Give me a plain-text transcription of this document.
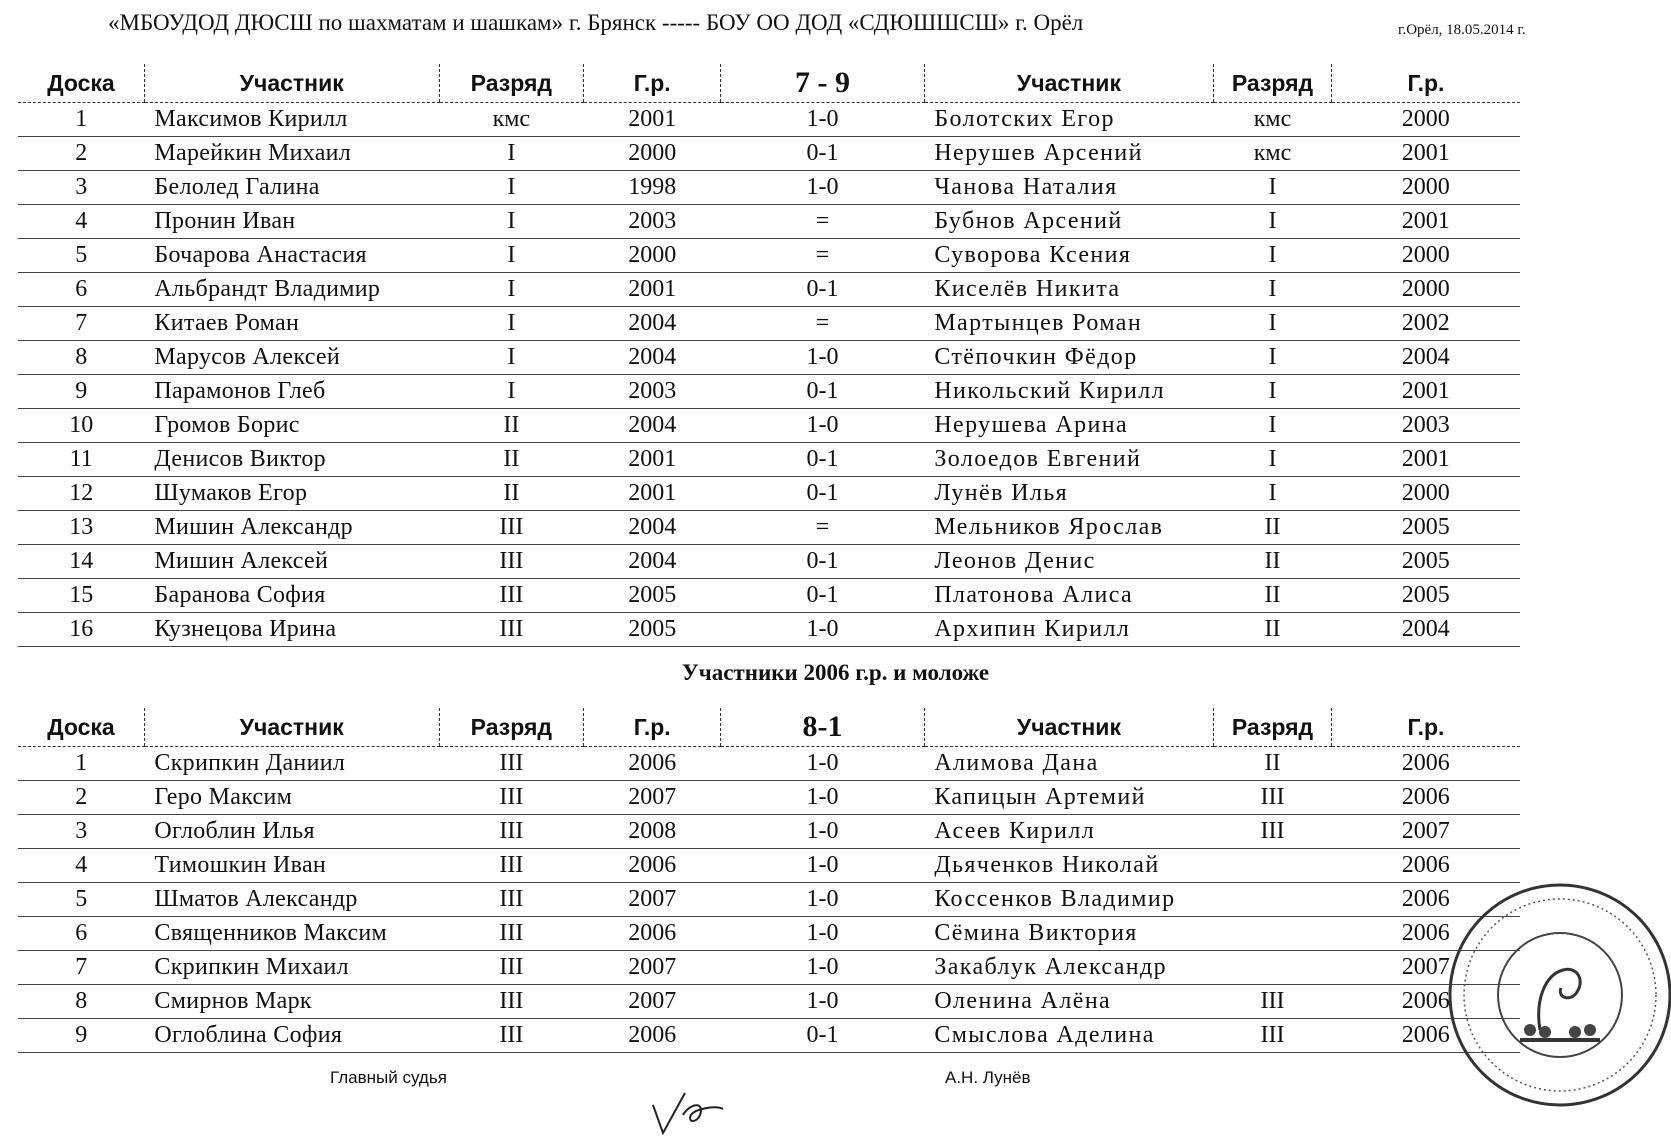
«МБОУДОД ДЮСШ по шахматам и шашкам» г. Брянск ----- БОУ ОО ДОД «СДЮШШСШ» г. Орёл	г.Орёл, 18.05.2014 г.
Доска	Участник	Разряд	Г.р.	7 - 9	Участник	Разряд	Г.р.
1	Максимов Кирилл	кмс	2001	1-0	Болотских Егор	кмс	2000
2	Марейкин Михаил	I	2000	0-1	Нерушев Арсений	кмс	2001
3	Белолед Галина	I	1998	1-0	Чанова Наталия	I	2000
4	Пронин Иван	I	2003	=	Бубнов Арсений	I	2001
5	Бочарова Анастасия	I	2000	=	Суворова Ксения	I	2000
6	Альбрандт Владимир	I	2001	0-1	Киселёв Никита	I	2000
7	Китаев Роман	I	2004	=	Мартынцев Роман	I	2002
8	Марусов Алексей	I	2004	1-0	Стёпочкин Фёдор	I	2004
9	Парамонов Глеб	I	2003	0-1	Никольский Кирилл	I	2001
10	Громов Борис	II	2004	1-0	Нерушева Арина	I	2003
11	Денисов Виктор	II	2001	0-1	Золоедов Евгений	I	2001
12	Шумаков Егор	II	2001	0-1	Лунёв Илья	I	2000
13	Мишин Александр	III	2004	=	Мельников Ярослав	II	2005
14	Мишин Алексей	III	2004	0-1	Леонов Денис	II	2005
15	Баранова София	III	2005	0-1	Платонова Алиса	II	2005
16	Кузнецова Ирина	III	2005	1-0	Архипин Кирилл	II	2004
Участники 2006 г.р. и моложе
Доска	Участник	Разряд	Г.р.	8-1	Участник	Разряд	Г.р.
1	Скрипкин Даниил	III	2006	1-0	Алимова Дана	II	2006
2	Геро Максим	III	2007	1-0	Капицын Артемий	III	2006
3	Оглоблин Илья	III	2008	1-0	Асеев Кирилл	III	2007
4	Тимошкин Иван	III	2006	1-0	Дьяченков Николай		2006
5	Шматов Александр	III	2007	1-0	Коссенков Владимир		2006
6	Священников Максим	III	2006	1-0	Сёмина Виктория		2006
7	Скрипкин Михаил	III	2007	1-0	Закаблук Александр		2007
8	Смирнов Марк	III	2007	1-0	Оленина Алёна	III	2006
9	Оглоблина София	III	2006	0-1	Смыслова Аделина	III	2006
Главный судья	А.Н. Лунёв
